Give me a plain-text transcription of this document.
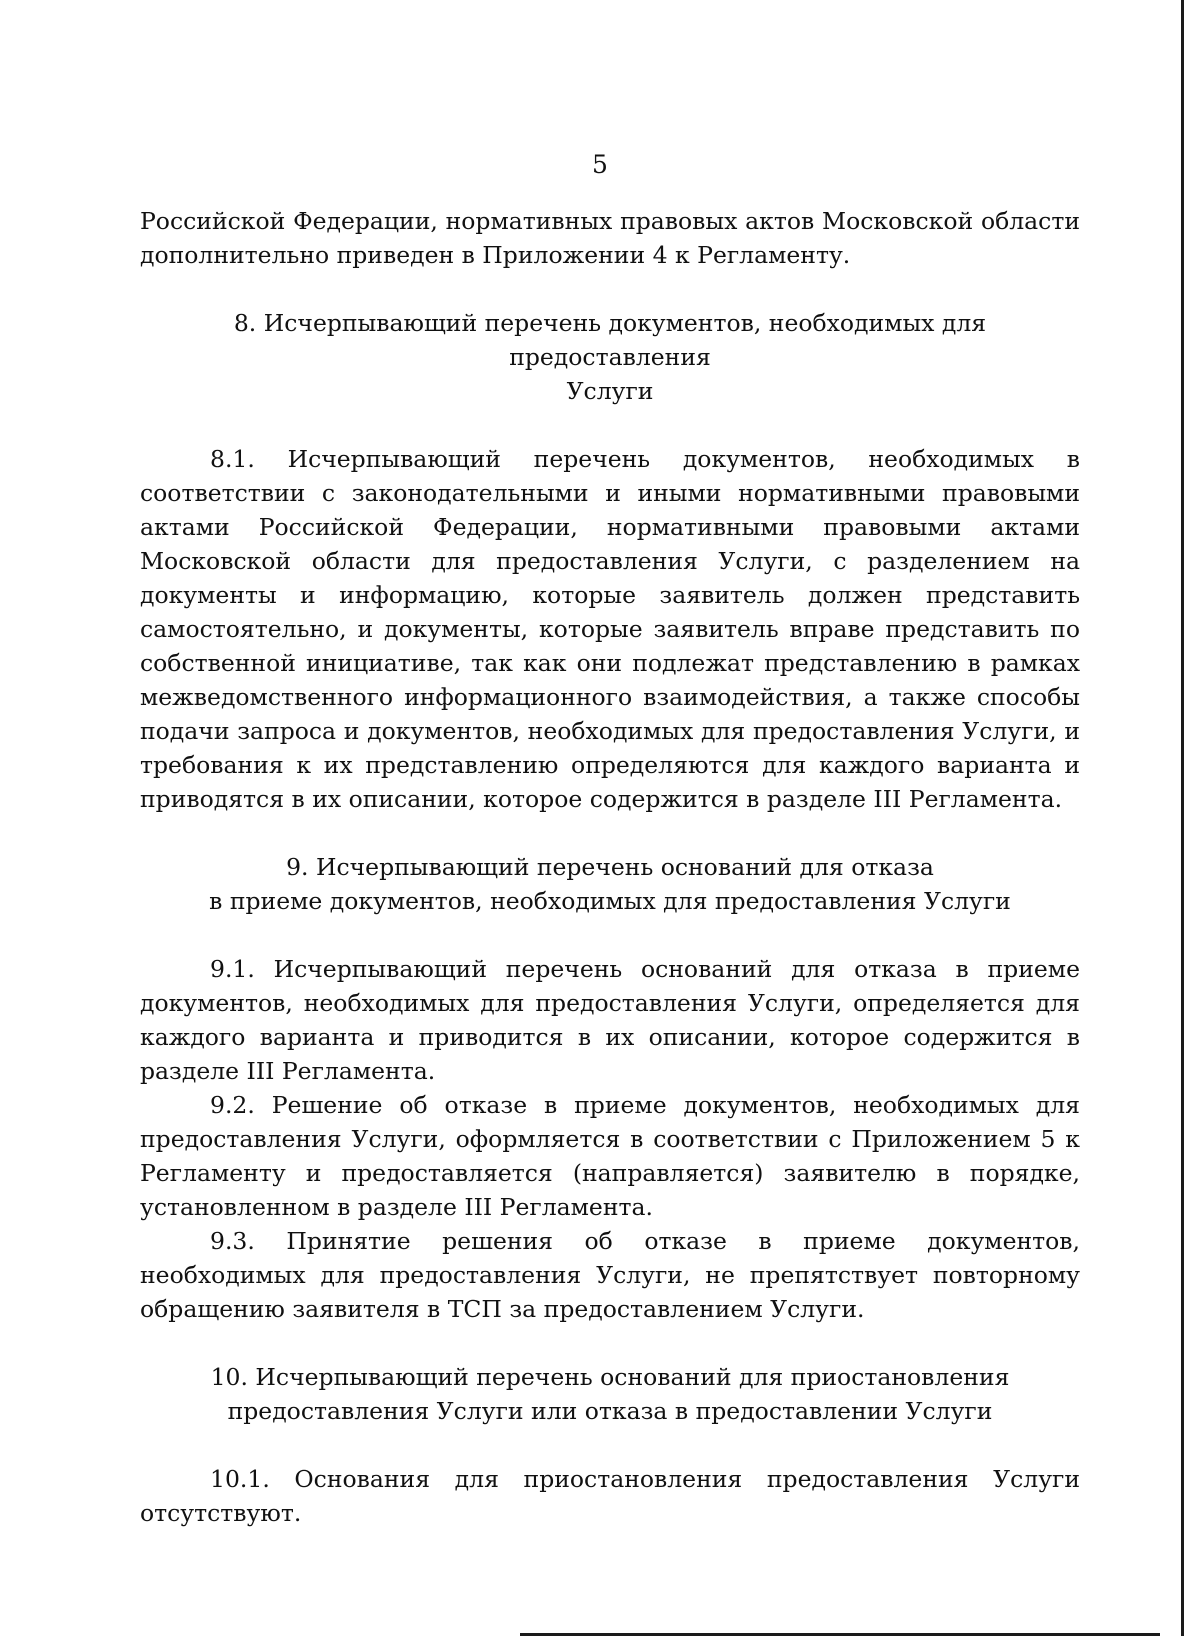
5

Российской Федерации, нормативных правовых актов Московской области дополнительно приведен в Приложении 4 к Регламенту.

8. Исчерпывающий перечень документов, необходимых для предоставления

Услуги

8.1. Исчерпывающий перечень документов, необходимых в соответствии с законодательными и иными нормативными правовыми актами Российской Федерации, нормативными правовыми актами Московской области для предоставления Услуги, с разделением на документы и информацию, которые заявитель должен представить самостоятельно, и документы, которые заявитель вправе представить по собственной инициативе, так как они подлежат представлению в рамках межведомственного информационного взаимодействия, а также способы подачи запроса и документов, необходимых для предоставления Услуги, и требования к их представлению определяются для каждого варианта и приводятся в их описании, которое содержится в разделе III Регламента.

9. Исчерпывающий перечень оснований для отказа

в приеме документов, необходимых для предоставления Услуги

9.1. Исчерпывающий перечень оснований для отказа в приеме документов, необходимых для предоставления Услуги, определяется для каждого варианта и приводится в их описании, которое содержится в разделе III Регламента.

9.2. Решение об отказе в приеме документов, необходимых для предоставления Услуги, оформляется в соответствии с Приложением 5 к Регламенту и предоставляется (направляется) заявителю в порядке, установленном в разделе III Регламента.

9.3. Принятие решения об отказе в приеме документов, необходимых для предоставления Услуги, не препятствует повторному обращению заявителя в ТСП за предоставлением Услуги.

10. Исчерпывающий перечень оснований для приостановления

предоставления Услуги или отказа в предоставлении Услуги

10.1. Основания для приостановления предоставления Услуги отсутствуют.
